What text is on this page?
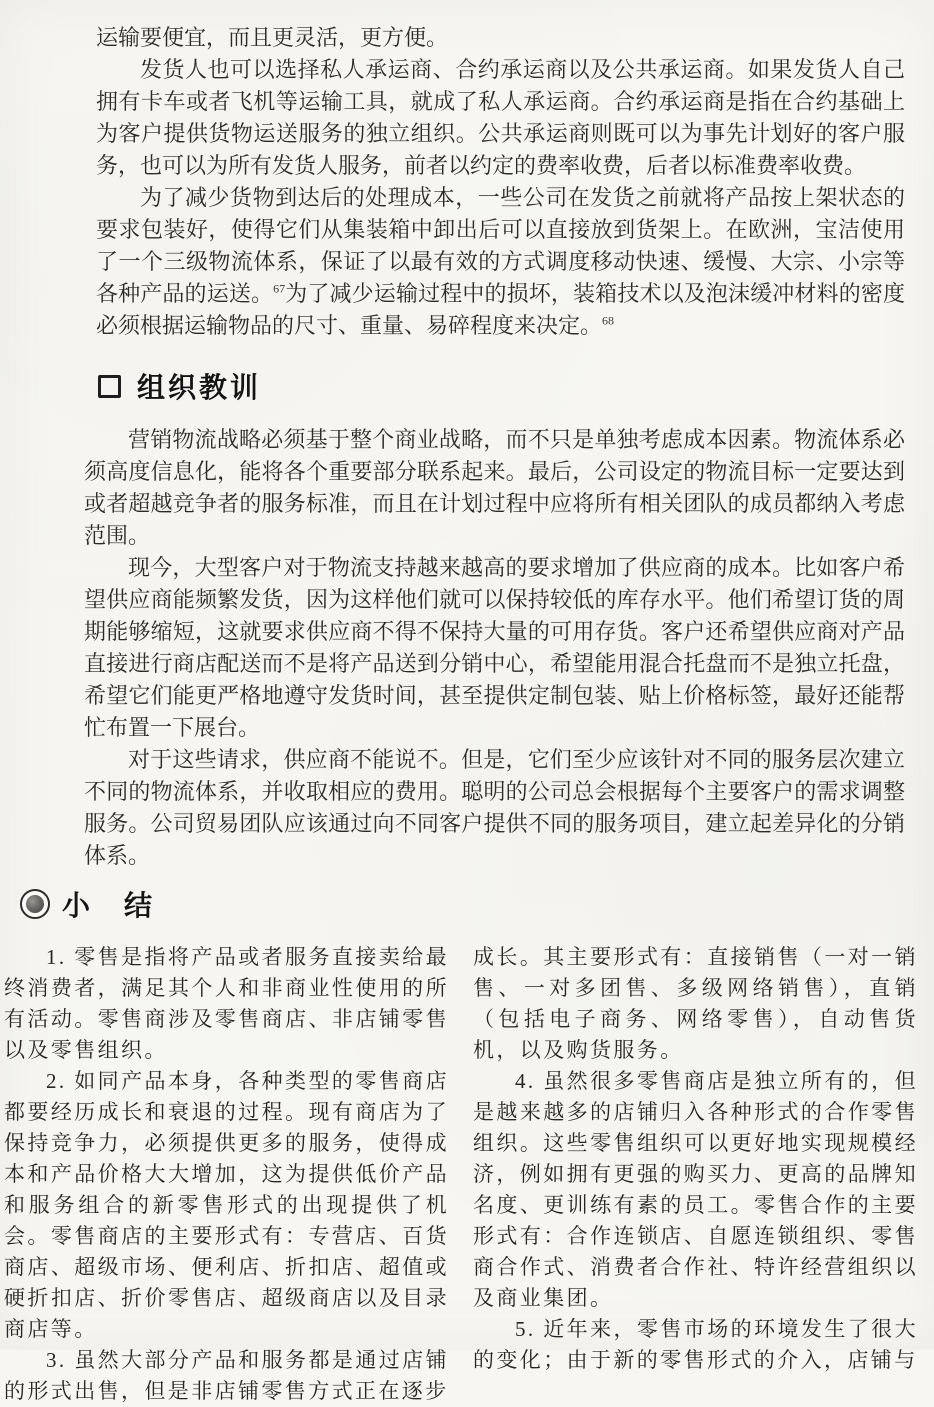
运输要便宜，而且更灵活，更方便。

发货人也可以选择私人承运商、合约承运商以及公共承运商。如果发货人自己拥有卡车或者飞机等运输工具，就成了私人承运商。合约承运商是指在合约基础上为客户提供货物运送服务的独立组织。公共承运商则既可以为事先计划好的客户服务，也可以为所有发货人服务，前者以约定的费率收费，后者以标准费率收费。

为了减少货物到达后的处理成本，一些公司在发货之前就将产品按上架状态的要求包装好，使得它们从集装箱中卸出后可以直接放到货架上。在欧洲，宝洁使用了一个三级物流体系，保证了以最有效的方式调度移动快速、缓慢、大宗、小宗等各种产品的运送。$^{67}$为了减少运输过程中的损坏，装箱技术以及泡沫缓冲材料的密度必须根据运输物品的尺寸、重量、易碎程度来决定。$^{68}$

组织教训

营销物流战略必须基于整个商业战略，而不只是单独考虑成本因素。物流体系必须高度信息化，能将各个重要部分联系起来。最后，公司设定的物流目标一定要达到或者超越竞争者的服务标准，而且在计划过程中应将所有相关团队的成员都纳入考虑范围。

现今，大型客户对于物流支持越来越高的要求增加了供应商的成本。比如客户希望供应商能频繁发货，因为这样他们就可以保持较低的库存水平。他们希望订货的周期能够缩短，这就要求供应商不得不保持大量的可用存货。客户还希望供应商对产品直接进行商店配送而不是将产品送到分销中心，希望能用混合托盘而不是独立托盘，希望它们能更严格地遵守发货时间，甚至提供定制包装、贴上价格标签，最好还能帮忙布置一下展台。

对于这些请求，供应商不能说不。但是，它们至少应该针对不同的服务层次建立不同的物流体系，并收取相应的费用。聪明的公司总会根据每个主要客户的需求调整服务。公司贸易团队应该通过向不同客户提供不同的服务项目，建立起差异化的分销体系。

小　结

1. 零售是指将产品或者服务直接卖给最终消费者，满足其个人和非商业性使用的所有活动。零售商涉及零售商店、非店铺零售以及零售组织。

2. 如同产品本身，各种类型的零售商店都要经历成长和衰退的过程。现有商店为了保持竞争力，必须提供更多的服务，使得成本和产品价格大大增加，这为提供低价产品和服务组合的新零售形式的出现提供了机会。零售商店的主要形式有：专营店、百货商店、超级市场、便利店、折扣店、超值或硬折扣店、折价零售店、超级商店以及目录商店等。

3. 虽然大部分产品和服务都是通过店铺的形式出售，但是非店铺零售方式正在逐步

成长。其主要形式有：直接销售（一对一销售、一对多团售、多级网络销售），直销（包括电子商务、网络零售），自动售货机，以及购货服务。

4. 虽然很多零售商店是独立所有的，但是越来越多的店铺归入各种形式的合作零售组织。这些零售组织可以更好地实现规模经济，例如拥有更强的购买力、更高的品牌知名度、更训练有素的员工。零售合作的主要形式有：合作连锁店、自愿连锁组织、零售商合作式、消费者合作社、特许经营组织以及商业集团。

5. 近年来，零售市场的环境发生了很大的变化；由于新的零售形式的介入，店铺与
